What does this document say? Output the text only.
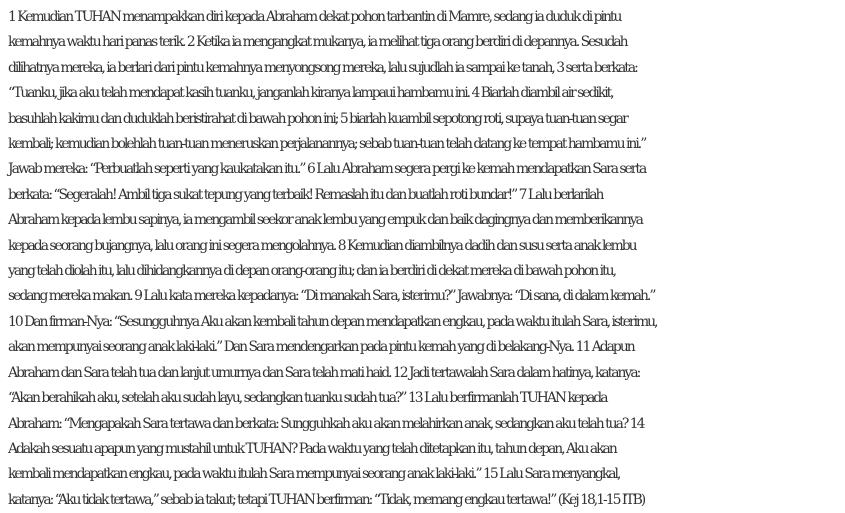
1 Kemudian TUHAN menampakkan diri kepada Abraham dekat pohon tarbantin di Mamre, sedang ia duduk di pintu
kemahnya waktu hari panas terik. 2 Ketika ia mengangkat mukanya, ia melihat tiga orang berdiri di depannya. Sesudah
dilihatnya mereka, ia berlari dari pintu kemahnya menyongsong mereka, lalu sujudlah ia sampai ke tanah, 3 serta berkata:
“Tuanku, jika aku telah mendapat kasih tuanku, janganlah kiranya lampaui hambamu ini. 4 Biarlah diambil air sedikit,
basuhlah kakimu dan duduklah beristirahat di bawah pohon ini; 5 biarlah kuambil sepotong roti, supaya tuan-tuan segar
kembali; kemudian bolehlah tuan-tuan meneruskan perjalanannya; sebab tuan-tuan telah datang ke tempat hambamu ini.”
Jawab mereka: “Perbuatlah seperti yang kaukatakan itu.” 6 Lalu Abraham segera pergi ke kemah mendapatkan Sara serta
berkata: “Segeralah! Ambil tiga sukat tepung yang terbaik! Remaslah itu dan buatlah roti bundar!” 7 Lalu berlarilah
Abraham kepada lembu sapinya, ia mengambil seekor anak lembu yang empuk dan baik dagingnya dan memberikannya
kepada seorang bujangnya, lalu orang ini segera mengolahnya. 8 Kemudian diambilnya dadih dan susu serta anak lembu
yang telah diolah itu, lalu dihidangkannya di depan orang-orang itu; dan ia berdiri di dekat mereka di bawah pohon itu,
sedang mereka makan. 9 Lalu kata mereka kepadanya: “Di manakah Sara, isterimu?” Jawabnya: “Di sana, di dalam kemah.”
10 Dan firman-Nya: “Sesungguhnya Aku akan kembali tahun depan mendapatkan engkau, pada waktu itulah Sara, isterimu,
akan mempunyai seorang anak laki-laki.” Dan Sara mendengarkan pada pintu kemah yang di belakang-Nya. 11 Adapun
Abraham dan Sara telah tua dan lanjut umurnya dan Sara telah mati haid. 12 Jadi tertawalah Sara dalam hatinya, katanya:
“Akan berahikah aku, setelah aku sudah layu, sedangkan tuanku sudah tua?” 13 Lalu berfirmanlah TUHAN kepada
Abraham: “Mengapakah Sara tertawa dan berkata: Sungguhkah aku akan melahirkan anak, sedangkan aku telah tua? 14
Adakah sesuatu apapun yang mustahil untuk TUHAN? Pada waktu yang telah ditetapkan itu, tahun depan, Aku akan
kembali mendapatkan engkau, pada waktu itulah Sara mempunyai seorang anak laki-laki.” 15 Lalu Sara menyangkal,
katanya: “Aku tidak tertawa,” sebab ia takut; tetapi TUHAN berfirman: “Tidak, memang engkau tertawa!” (Kej 18,1-15 ITB)
